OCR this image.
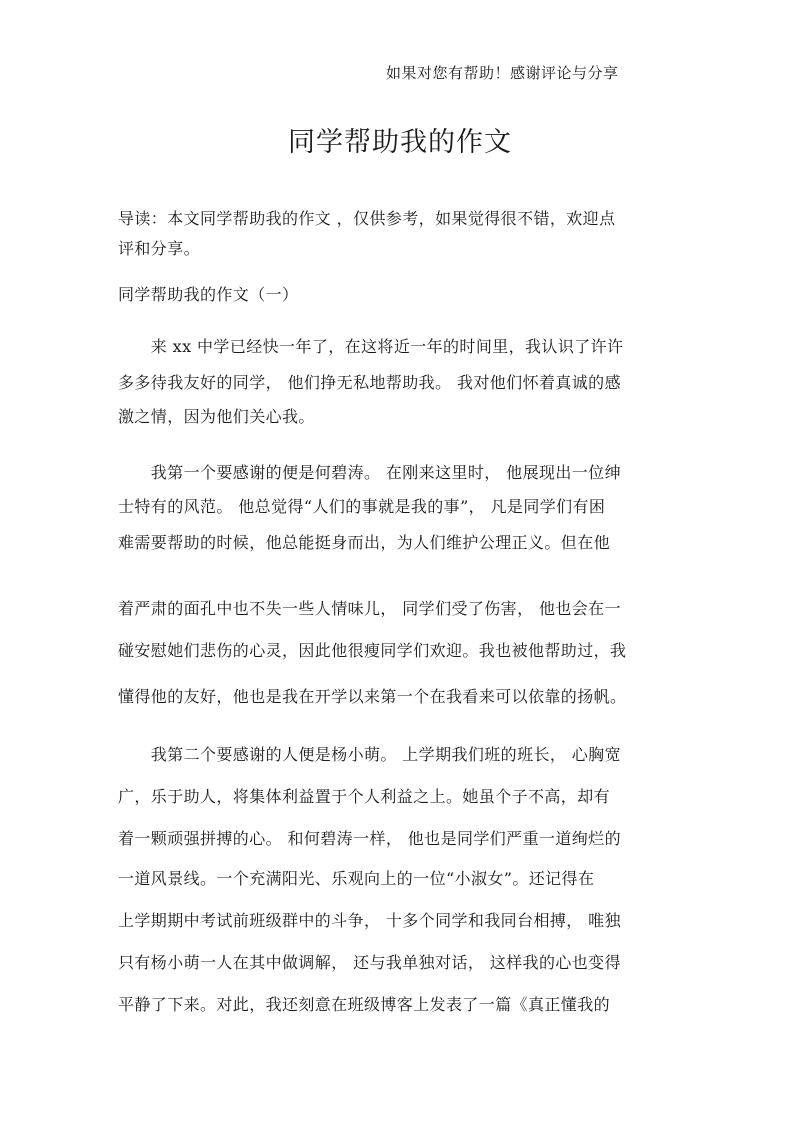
如果对您有帮助！感谢评论与分享
同学帮助我的作文
导读：本文同学帮助我的作文 ，仅供参考，如果觉得很不错，欢迎点
评和分享。
同学帮助我的作文（一）
　　来 xx 中学已经快一年了，在这将近一年的时间里，我认识了许许
多多待我友好的同学， 他们挣无私地帮助我。 我对他们怀着真诚的感
激之情，因为他们关心我。
　　我第一个要感谢的便是何碧涛。 在刚来这里时， 他展现出一位绅
士特有的风范。 他总觉得“人们的事就是我的事”， 凡是同学们有困
难需要帮助的时候，他总能挺身而出，为人们维护公理正义。但在他
着严肃的面孔中也不失一些人情味儿， 同学们受了伤害， 他也会在一
碰安慰她们悲伤的心灵，因此他很瘦同学们欢迎。我也被他帮助过，我
懂得他的友好，他也是我在开学以来第一个在我看来可以依靠的扬帆。
　　我第二个要感谢的人便是杨小萌。 上学期我们班的班长， 心胸宽
广，乐于助人，将集体利益置于个人利益之上。她虽个子不高，却有
着一颗顽强拼搏的心。 和何碧涛一样， 他也是同学们严重一道绚烂的
一道风景线。一个充满阳光、乐观向上的一位“小淑女”。还记得在
上学期期中考试前班级群中的斗争， 十多个同学和我同台相搏， 唯独
只有杨小萌一人在其中做调解， 还与我单独对话， 这样我的心也变得
平静了下来。对此，我还刻意在班级博客上发表了一篇《真正懂我的
